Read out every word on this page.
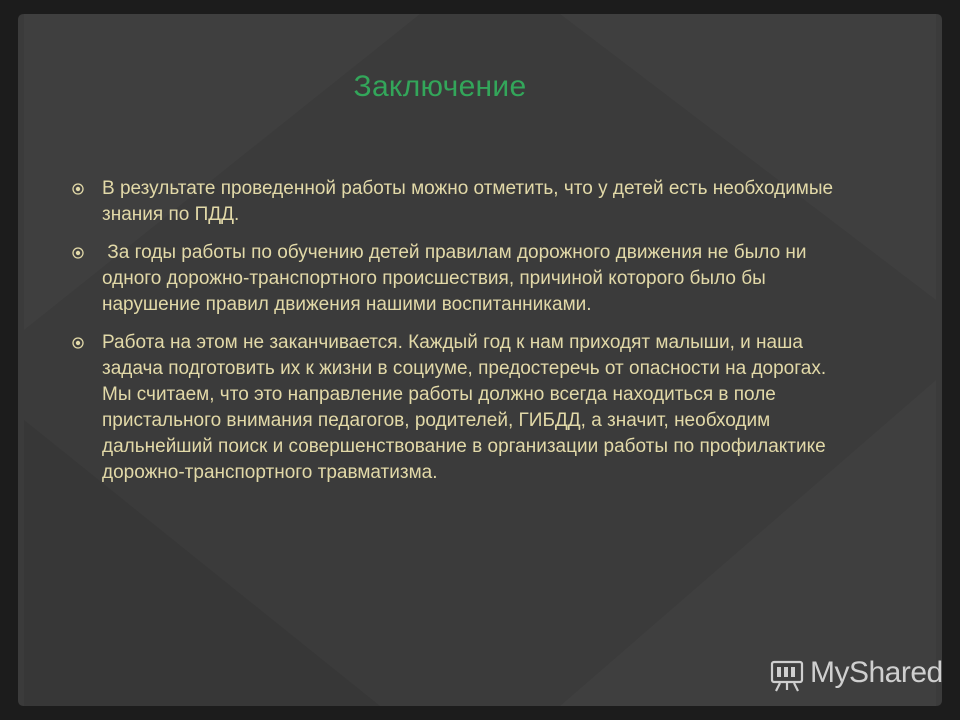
Заключение
В результате проведенной работы можно отметить, что у детей есть необходимые знания по ПДД.
За годы работы по обучению детей правилам дорожного движения не было ни одного дорожно-транспортного происшествия, причиной которого было бы нарушение правил движения нашими воспитанниками.
Работа на этом не заканчивается. Каждый год к нам приходят малыши, и наша задача подготовить их к жизни в социуме, предостеречь от опасности на дорогах.  Мы считаем, что это направление работы должно всегда находиться в поле пристального внимания педагогов, родителей, ГИБДД, а значит, необходим дальнейший поиск и совершенствование в организации работы по профилактике дорожно-транспортного травматизма.
MyShared
